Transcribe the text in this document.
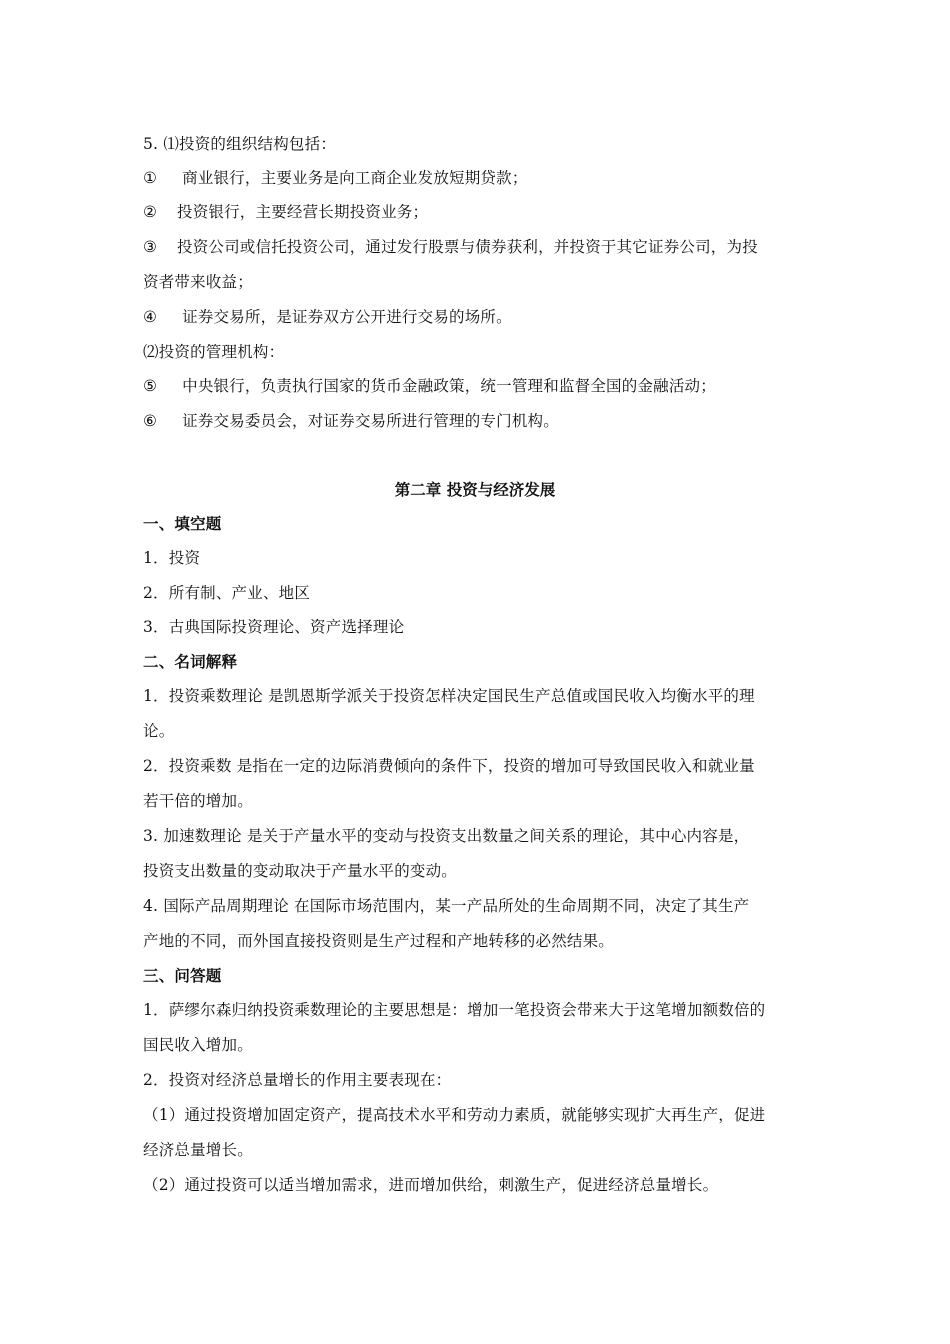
5. ⑴投资的组织结构包括：
① 商业银行，主要业务是向工商企业发放短期贷款；
② 投资银行，主要经营长期投资业务；
③ 投资公司或信托投资公司，通过发行股票与债券获利，并投资于其它证券公司，为投
资者带来收益；
④ 证券交易所，是证券双方公开进行交易的场所。
⑵投资的管理机构：
⑤ 中央银行，负责执行国家的货币金融政策，统一管理和监督全国的金融活动；
⑥ 证券交易委员会，对证券交易所进行管理的专门机构。
第二章 投资与经济发展
一、填空题
1．投资
2．所有制、产业、地区
3．古典国际投资理论、资产选择理论
二、名词解释
1．投资乘数理论 是凯恩斯学派关于投资怎样决定国民生产总值或国民收入均衡水平的理
论。
2．投资乘数 是指在一定的边际消费倾向的条件下，投资的增加可导致国民收入和就业量
若干倍的增加。
3. 加速数理论 是关于产量水平的变动与投资支出数量之间关系的理论，其中心内容是，
投资支出数量的变动取决于产量水平的变动。
4. 国际产品周期理论 在国际市场范围内，某一产品所处的生命周期不同，决定了其生产
产地的不同，而外国直接投资则是生产过程和产地转移的必然结果。
三、问答题
1．萨缪尔森归纳投资乘数理论的主要思想是：增加一笔投资会带来大于这笔增加额数倍的
国民收入增加。
2．投资对经济总量增长的作用主要表现在：
（1）通过投资增加固定资产，提高技术水平和劳动力素质，就能够实现扩大再生产，促进
经济总量增长。
（2）通过投资可以适当增加需求，进而增加供给，刺激生产，促进经济总量增长。
